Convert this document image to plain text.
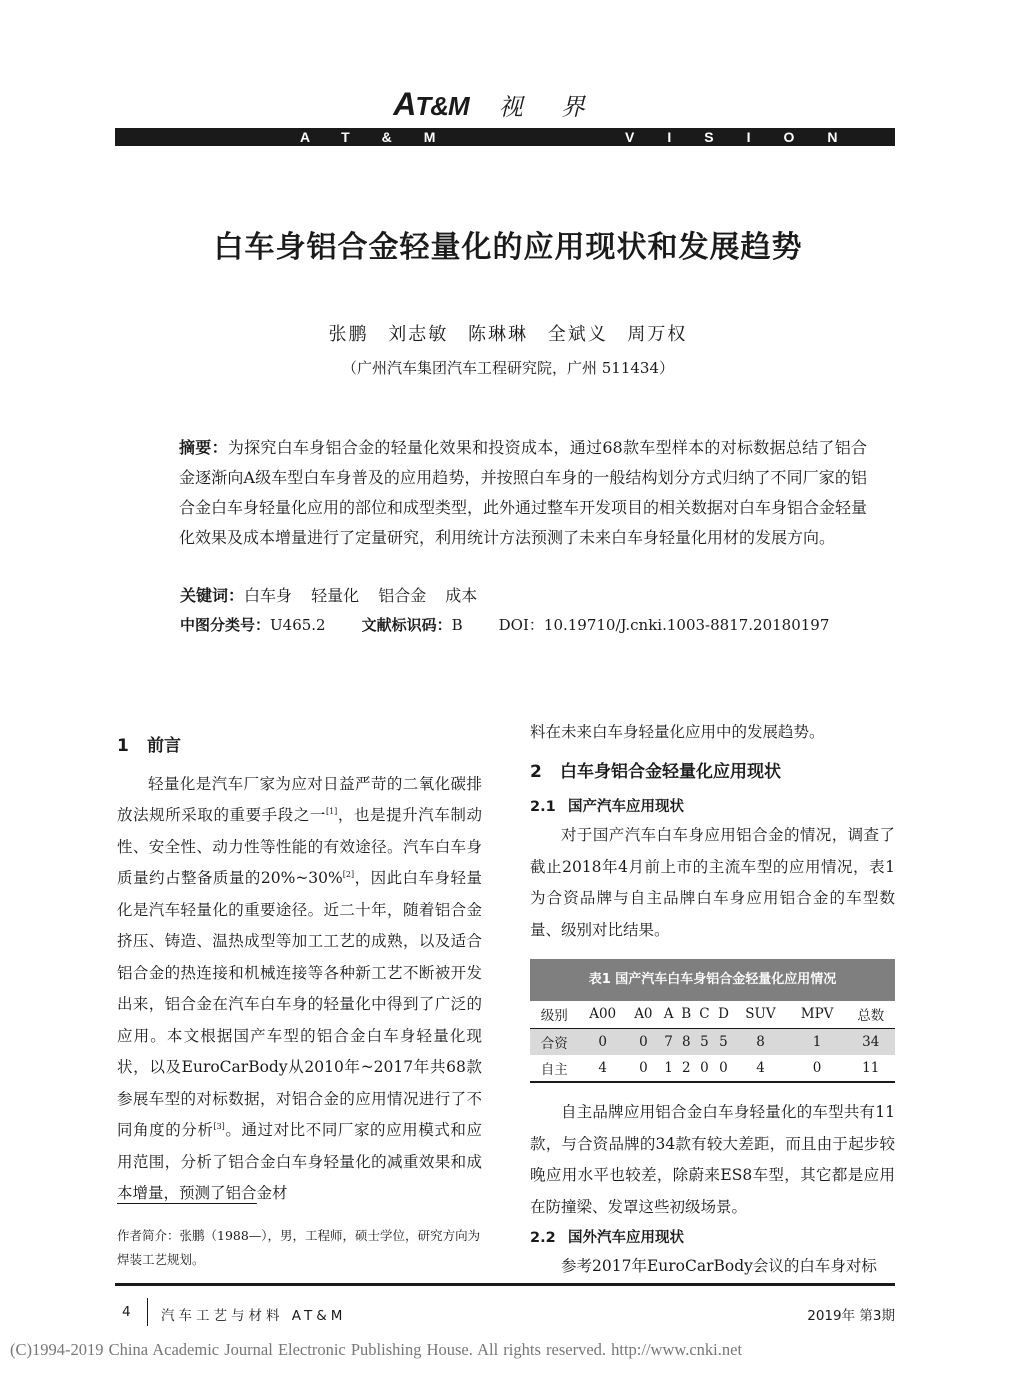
AT&M 视界
AT&M	VISION
白车身铝合金轻量化的应用现状和发展趋势
张鹏 刘志敏 陈琳琳 全斌义 周万权
（广州汽车集团汽车工程研究院，广州 511434）
摘要：为探究白车身铝合金的轻量化效果和投资成本，通过68款车型样本的对标数据总结了铝合金逐渐向A级车型白车身普及的应用趋势，并按照白车身的一般结构划分方式归纳了不同厂家的铝合金白车身轻量化应用的部位和成型类型，此外通过整车开发项目的相关数据对白车身铝合金轻量化效果及成本增量进行了定量研究，利用统计方法预测了未来白车身轻量化用材的发展方向。
关键词：白车身 轻量化 铝合金 成本
中图分类号：U465.2 文献标识码：B DOI：10.19710/J.cnki.1003-8817.20180197
1 前言

轻量化是汽车厂家为应对日益严苛的二氧化碳排放法规所采取的重要手段之一[1]，也是提升汽车制动性、安全性、动力性等性能的有效途径。汽车白车身质量约占整备质量的20%~30%[2]，因此白车身轻量化是汽车轻量化的重要途径。近二十年，随着铝合金挤压、铸造、温热成型等加工工艺的成熟，以及适合铝合金的热连接和机械连接等各种新工艺不断被开发出来，铝合金在汽车白车身的轻量化中得到了广泛的应用。本文根据国产车型的铝合金白车身轻量化现状，以及EuroCarBody从2010年~2017年共68款参展车型的对标数据，对铝合金的应用情况进行了不同角度的分析[3]。通过对比不同厂家的应用模式和应用范围，分析了铝合金白车身轻量化的减重效果和成本增量，预测了铝合金材

作者简介：张鹏（1988—），男，工程师，硕士学位，研究方向为焊装工艺规划。

料在未来白车身轻量化应用中的发展趋势。

2 白车身铝合金轻量化应用现状
2.1 国产汽车应用现状

对于国产汽车白车身应用铝合金的情况，调查了截止2018年4月前上市的主流车型的应用情况，表1为合资品牌与自主品牌白车身应用铝合金的车型数量、级别对比结果。

表1 国产汽车白车身铝合金轻量化应用情况
级别	A00	A0	A	B	C	D	SUV	MPV	总数
合资	0	0	7	8	5	5	8	1	34
自主	4	0	1	2	0	0	4	0	11

自主品牌应用铝合金白车身轻量化的车型共有11款，与合资品牌的34款有较大差距，而且由于起步较晚应用水平也较差，除蔚来ES8车型，其它都是应用在防撞梁、发罩这些初级场景。

2.2 国外汽车应用现状

参考2017年EuroCarBody会议的白车身对标

4 汽车工艺与材料 AT&M	2019年 第3期
(C)1994-2019 China Academic Journal Electronic Publishing House. All rights reserved. http://www.cnki.net
